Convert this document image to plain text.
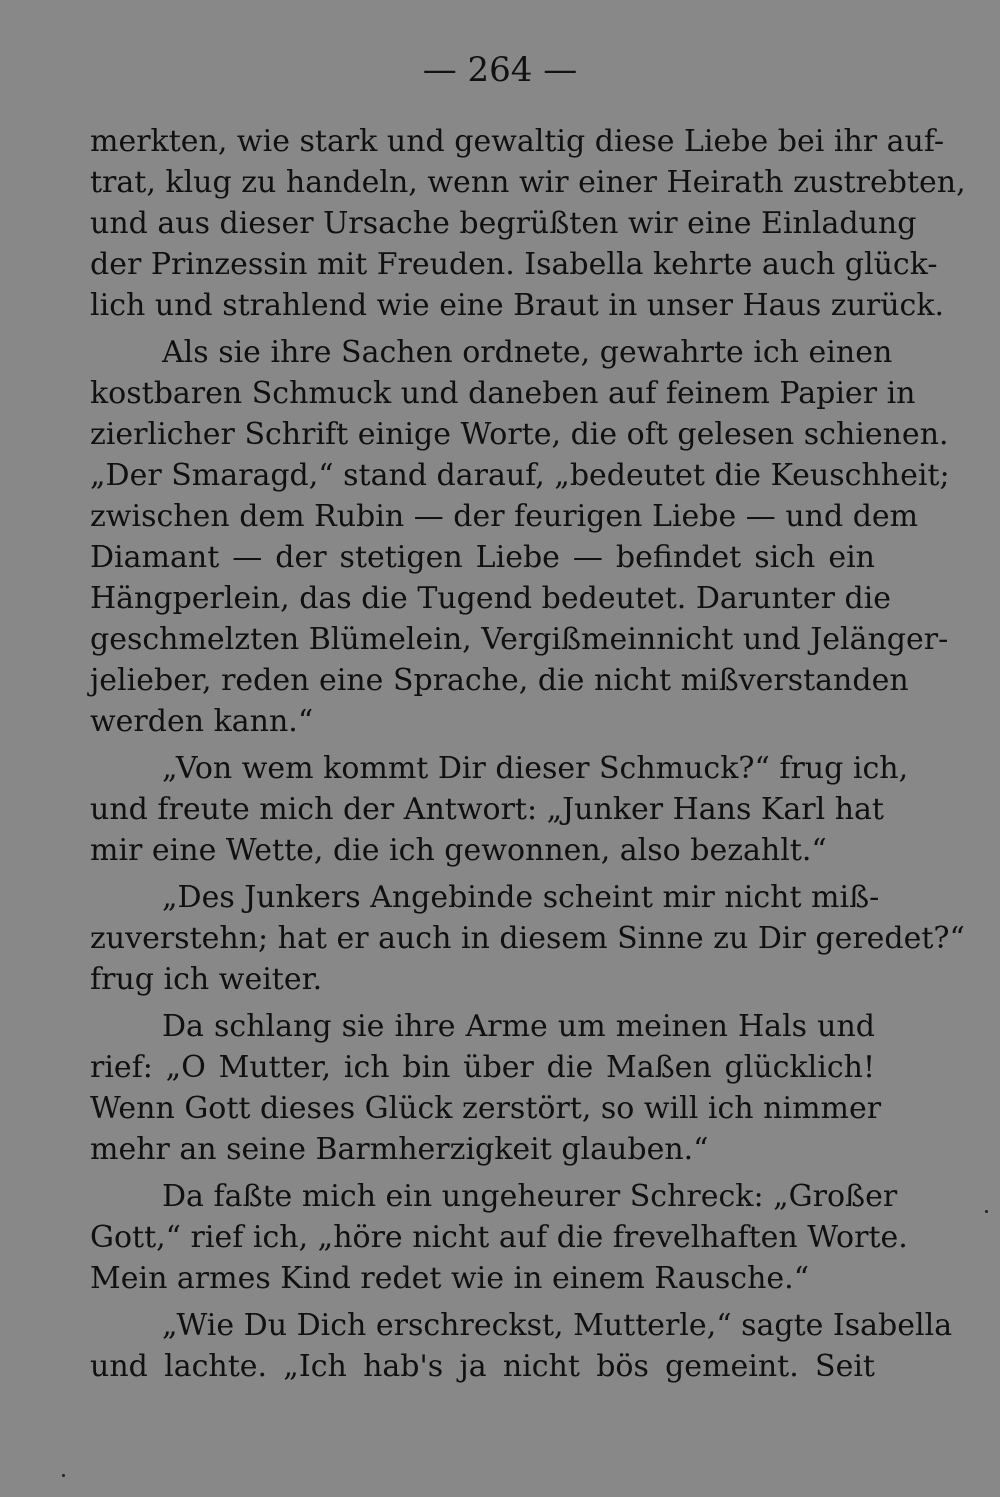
— 264 —
merkten, wie stark und gewaltig diese Liebe bei ihr auf-
trat, klug zu handeln, wenn wir einer Heirath zustrebten,
und aus dieser Ursache begrüßten wir eine Einladung
der Prinzessin mit Freuden. Isabella kehrte auch glück-
lich und strahlend wie eine Braut in unser Haus zurück.
Als sie ihre Sachen ordnete, gewahrte ich einen
kostbaren Schmuck und daneben auf feinem Papier in
zierlicher Schrift einige Worte, die oft gelesen schienen.
„Der Smaragd,“ stand darauf, „bedeutet die Keuschheit;
zwischen dem Rubin — der feurigen Liebe — und dem
Diamant — der stetigen Liebe — befindet sich ein
Hängperlein, das die Tugend bedeutet. Darunter die
geschmelzten Blümelein, Vergißmeinnicht und Jelänger-
jelieber, reden eine Sprache, die nicht mißverstanden
werden kann.“
„Von wem kommt Dir dieser Schmuck?“ frug ich,
und freute mich der Antwort: „Junker Hans Karl hat
mir eine Wette, die ich gewonnen, also bezahlt.“
„Des Junkers Angebinde scheint mir nicht miß-
zuverstehn; hat er auch in diesem Sinne zu Dir geredet?“
frug ich weiter.
Da schlang sie ihre Arme um meinen Hals und
rief: „O Mutter, ich bin über die Maßen glücklich!
Wenn Gott dieses Glück zerstört, so will ich nimmer
mehr an seine Barmherzigkeit glauben.“
Da faßte mich ein ungeheurer Schreck: „Großer
Gott,“ rief ich, „höre nicht auf die frevelhaften Worte.
Mein armes Kind redet wie in einem Rausche.“
„Wie Du Dich erschreckst, Mutterle,“ sagte Isabella
und lachte. „Ich hab's ja nicht bös gemeint. Seit
